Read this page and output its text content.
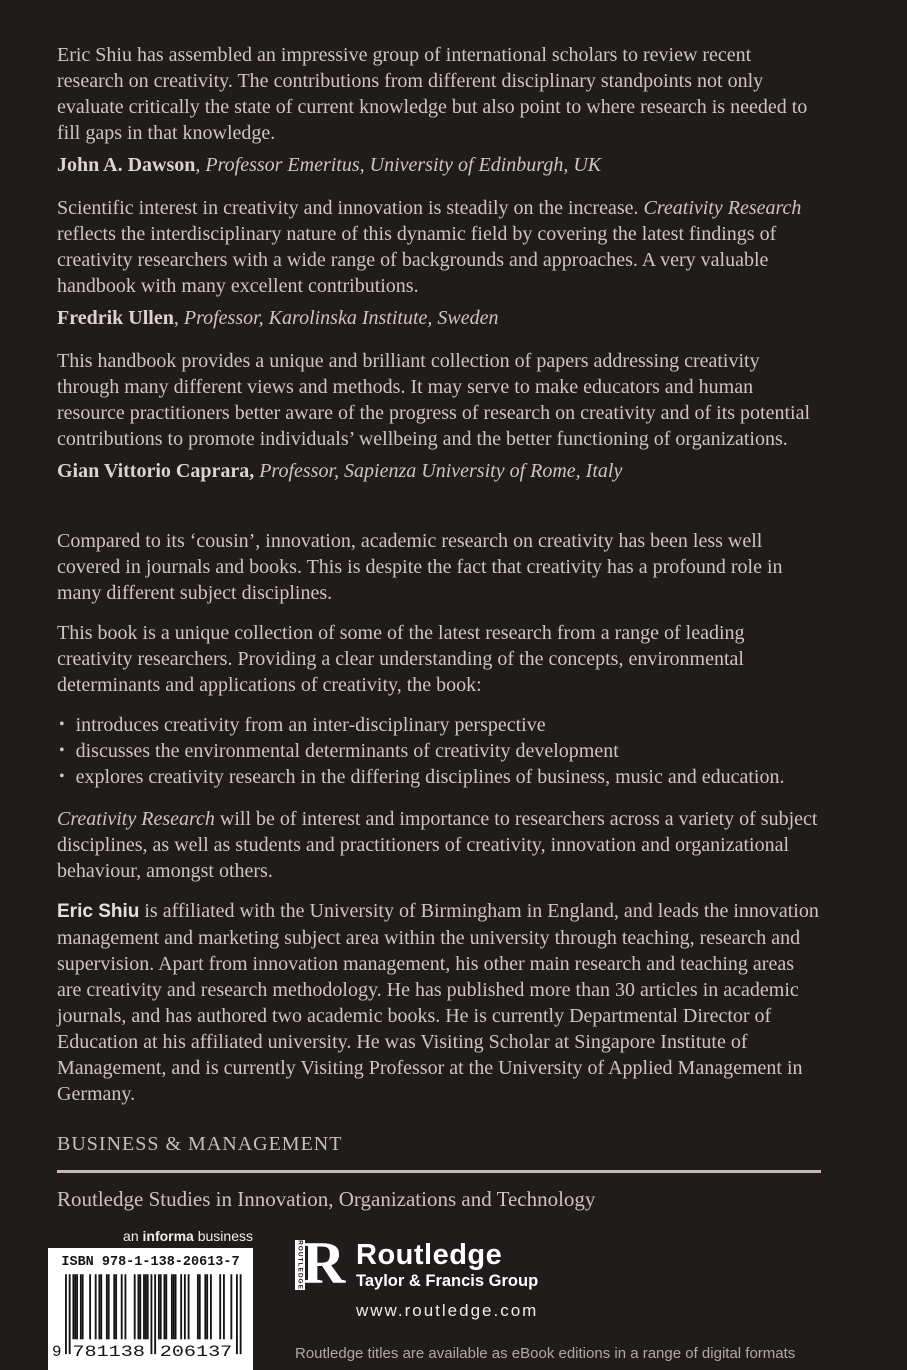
Eric Shiu has assembled an impressive group of international scholars to review recent research on creativity. The contributions from different disciplinary standpoints not only evaluate critically the state of current knowledge but also point to where research is needed to fill gaps in that knowledge.

John A. Dawson, Professor Emeritus, University of Edinburgh, UK

Scientific interest in creativity and innovation is steadily on the increase. Creativity Research reflects the interdisciplinary nature of this dynamic field by covering the latest findings of creativity researchers with a wide range of backgrounds and approaches. A very valuable handbook with many excellent contributions.

Fredrik Ullen, Professor, Karolinska Institute, Sweden

This handbook provides a unique and brilliant collection of papers addressing creativity through many different views and methods. It may serve to make educators and human resource practitioners better aware of the progress of research on creativity and of its potential contributions to promote individuals’ wellbeing and the better functioning of organizations.

Gian Vittorio Caprara, Professor, Sapienza University of Rome, Italy

Compared to its ‘cousin’, innovation, academic research on creativity has been less well covered in journals and books. This is despite the fact that creativity has a profound role in many different subject disciplines.

This book is a unique collection of some of the latest research from a range of leading creativity researchers. Providing a clear understanding of the concepts, environmental determinants and applications of creativity, the book:

• introduces creativity from an inter-disciplinary perspective
• discusses the environmental determinants of creativity development
• explores creativity research in the differing disciplines of business, music and education.

Creativity Research will be of interest and importance to researchers across a variety of subject disciplines, as well as students and practitioners of creativity, innovation and organizational behaviour, amongst others.

Eric Shiu is affiliated with the University of Birmingham in England, and leads the innovation management and marketing subject area within the university through teaching, research and supervision. Apart from innovation management, his other main research and teaching areas are creativity and research methodology. He has published more than 30 articles in academic journals, and has authored two academic books. He is currently Departmental Director of Education at his affiliated university. He was Visiting Scholar at Singapore Institute of Management, and is currently Visiting Professor at the University of Applied Management in Germany.

BUSINESS & MANAGEMENT
Routledge Studies in Innovation, Organizations and Technology
an informa business
ISBN 978-1-138-20613-7
9 781138 206137
ROUTLEDGE
R Routledge
Taylor & Francis Group
www.routledge.com
Routledge titles are available as eBook editions in a range of digital formats
